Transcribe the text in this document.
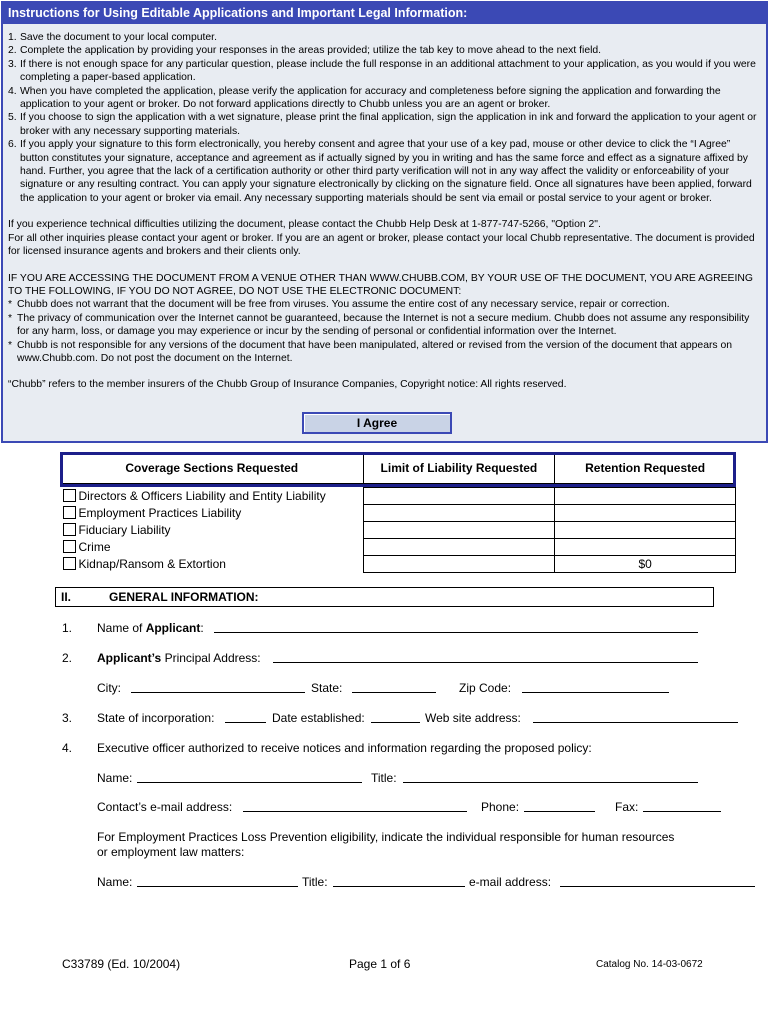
Instructions for Using Editable Applications and Important Legal Information:
1. Save the document to your local computer.
2. Complete the application by providing your responses in the areas provided; utilize the tab key to move ahead to the next field.
3. If there is not enough space for any particular question, please include the full response in an additional attachment to your application, as you would if you were completing a paper-based application.
4. When you have completed the application, please verify the application for accuracy and completeness before signing the application and forwarding the application to your agent or broker. Do not forward applications directly to Chubb unless you are an agent or broker.
5. If you choose to sign the application with a wet signature, please print the final application, sign the application in ink and forward the application to your agent or broker with any necessary supporting materials.
6. If you apply your signature to this form electronically, you hereby consent and agree that your use of a key pad, mouse or other device to click the “I Agree” button constitutes your signature, acceptance and agreement as if actually signed by you in writing and has the same force and effect as a signature affixed by hand. Further, you agree that the lack of a certification authority or other third party verification will not in any way affect the validity or enforceability of your signature or any resulting contract. You can apply your signature electronically by clicking on the signature field. Once all signatures have been applied, forward the application to your agent or broker via email. Any necessary supporting materials should be sent via email or postal service to your agent or broker.
If you experience technical difficulties utilizing the document, please contact the Chubb Help Desk at 1-877-747-5266, "Option 2".
For all other inquiries please contact your agent or broker. If you are an agent or broker, please contact your local Chubb representative. The document is provided for licensed insurance agents and brokers and their clients only.
IF YOU ARE ACCESSING THE DOCUMENT FROM A VENUE OTHER THAN WWW.CHUBB.COM, BY YOUR USE OF THE DOCUMENT, YOU ARE AGREEING TO THE FOLLOWING, IF YOU DO NOT AGREE, DO NOT USE THE ELECTRONIC DOCUMENT:
* Chubb does not warrant that the document will be free from viruses. You assume the entire cost of any necessary service, repair or correction.
* The privacy of communication over the Internet cannot be guaranteed, because the Internet is not a secure medium. Chubb does not assume any responsibility for any harm, loss, or damage you may experience or incur by the sending of personal or confidential information over the Internet.
* Chubb is not responsible for any versions of the document that have been manipulated, altered or revised from the version of the document that appears on www.Chubb.com. Do not post the document on the Internet.
“Chubb” refers to the member insurers of the Chubb Group of Insurance Companies, Copyright notice: All rights reserved.
I Agree
Coverage Sections Requested	Limit of Liability Requested	Retention Requested

Directors & Officers Liability and Entity Liability		
Employment Practices Liability		
Fiduciary Liability		
Crime		
Kidnap/Ransom & Extortion		$0
II.	GENERAL INFORMATION:
1. Name of Applicant:
2. Applicant’s Principal Address:
City:	State:	Zip Code:
3. State of incorporation:	Date established:	Web site address:
4. Executive officer authorized to receive notices and information regarding the proposed policy:
Name:	Title:
Contact’s e-mail address:	Phone:	Fax:
For Employment Practices Loss Prevention eligibility, indicate the individual responsible for human resources
or employment law matters:
Name:	Title:	e-mail address:
C33789 (Ed. 10/2004)	Page 1 of 6	Catalog No. 14-03-0672
